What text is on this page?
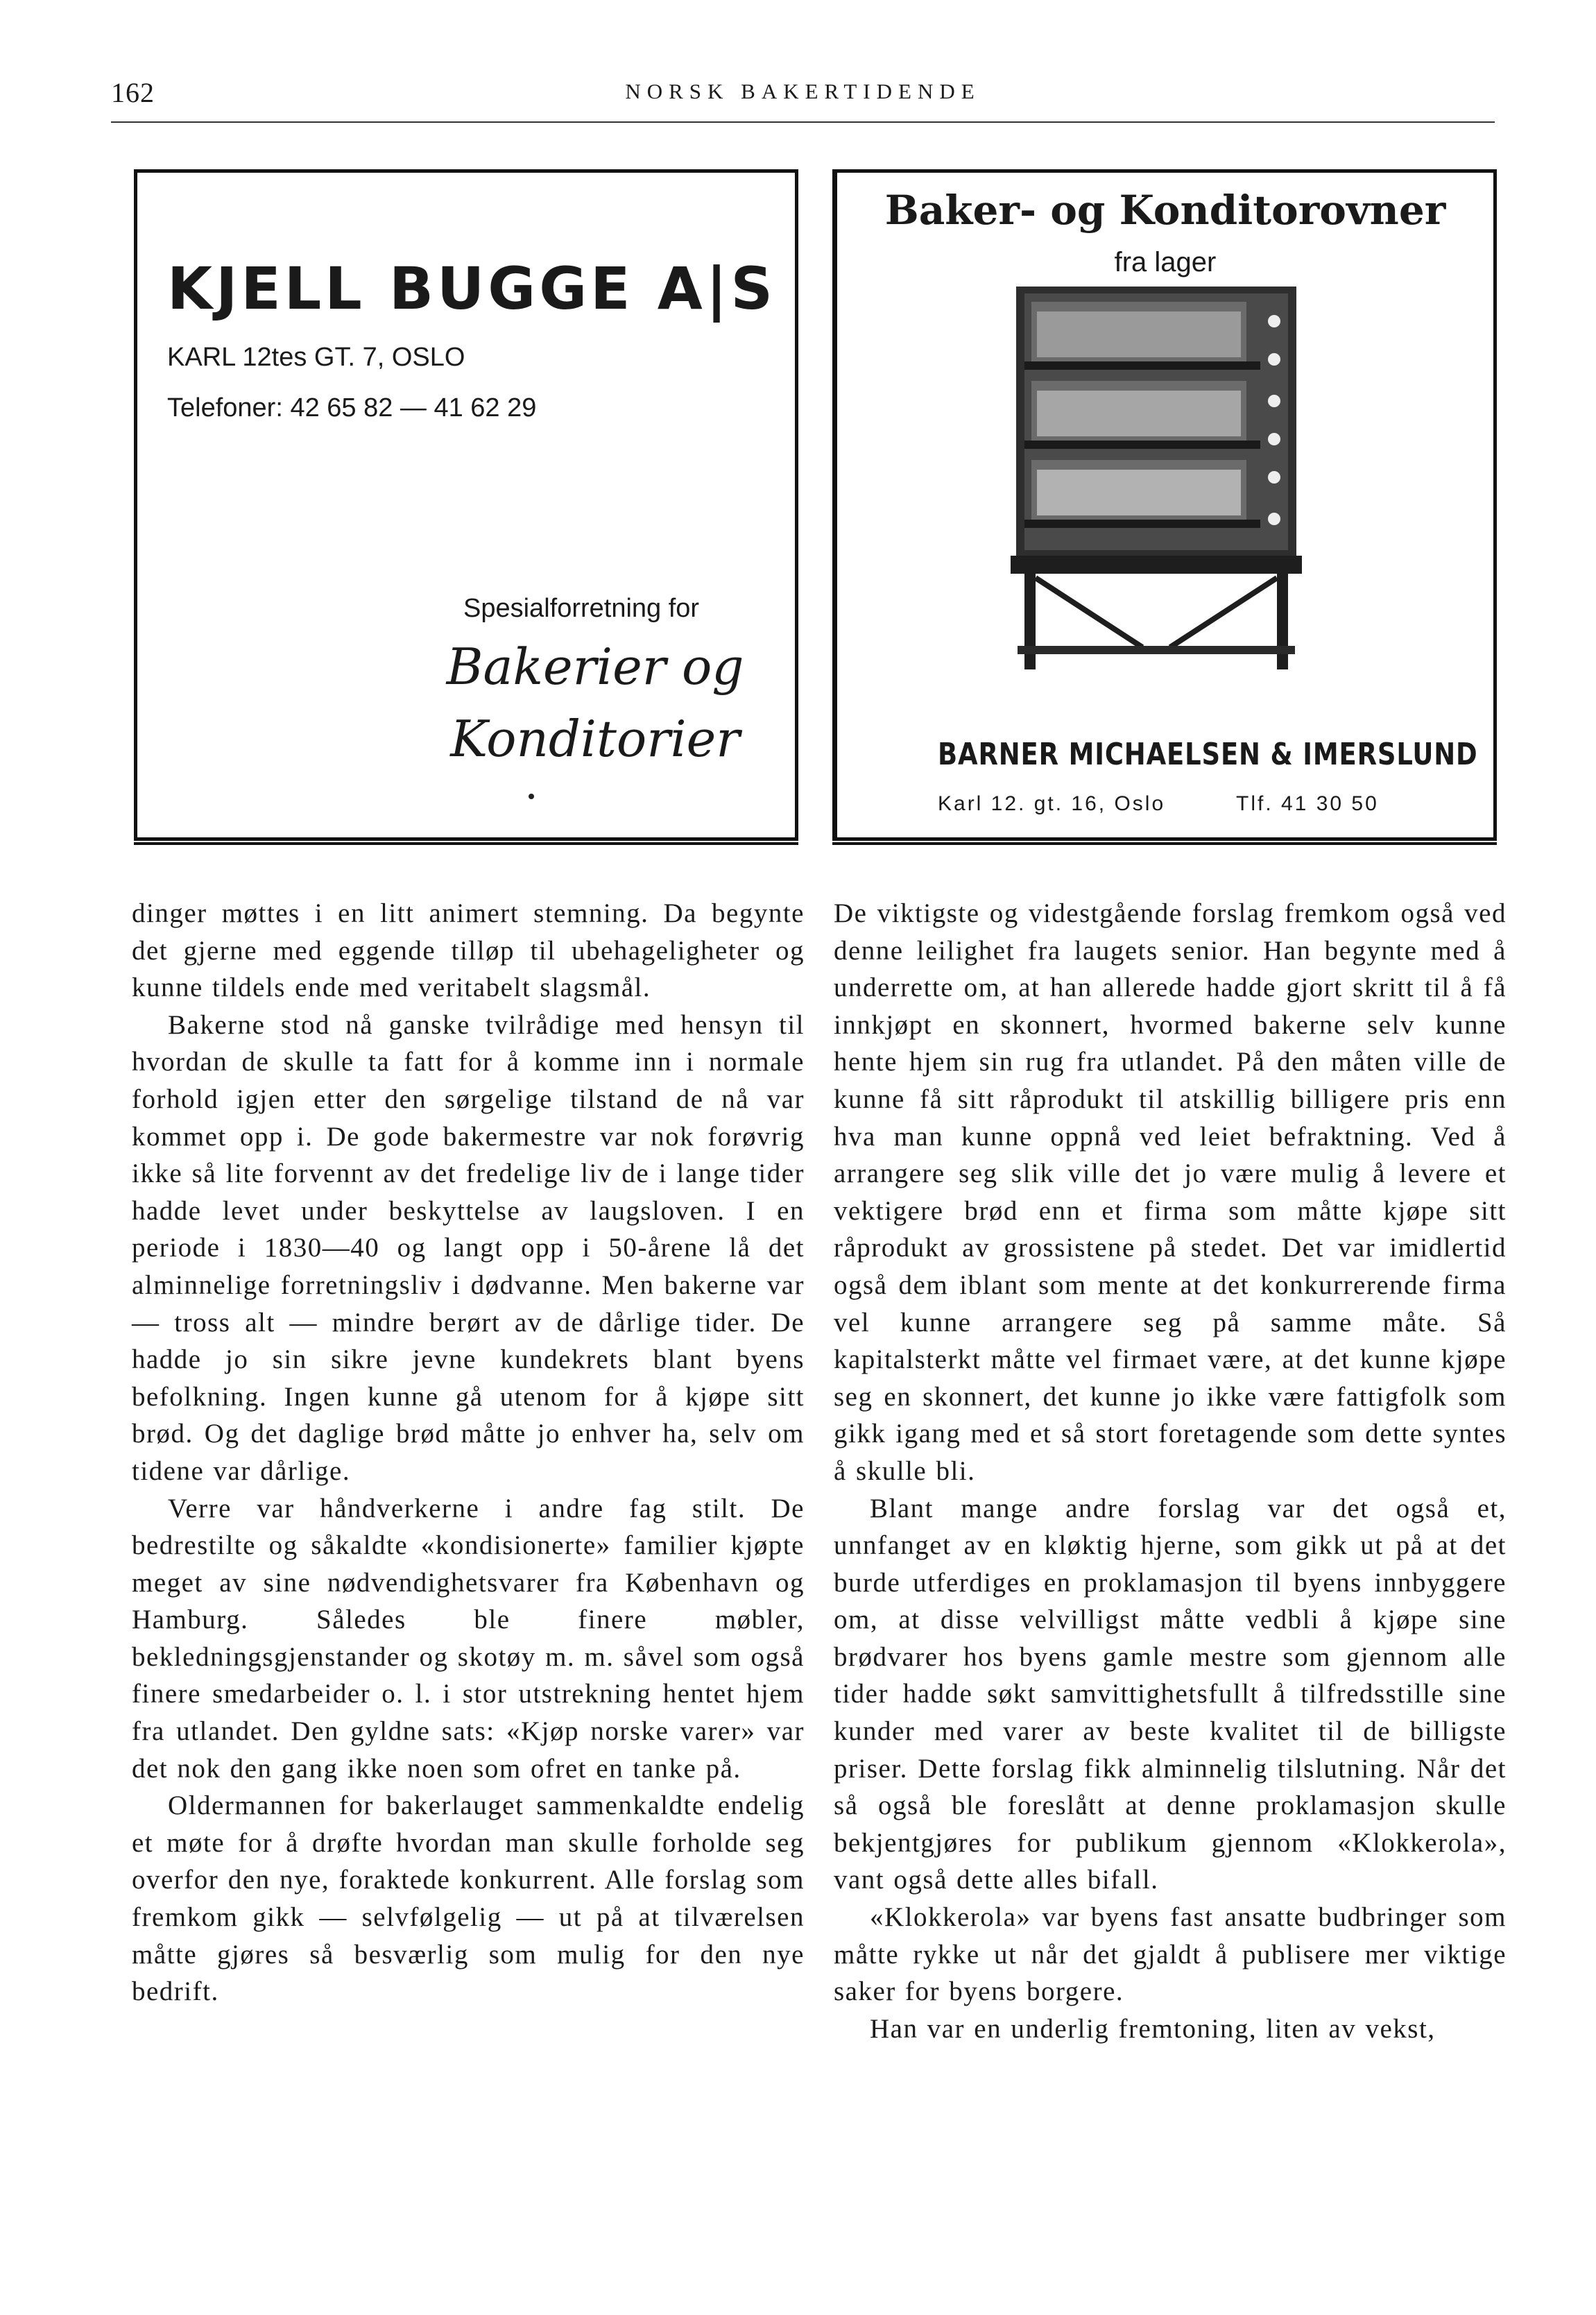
162	NORSK BAKERTIDENDE
KJELL BUGGE A|S
KARL 12tes GT. 7, OSLO
Telefoner: 42 65 82 — 41 62 29
Spesialforretning for
Bakerier og
Konditorier
Baker- og Konditorovner
fra lager
BARNER MICHAELSEN & IMERSLUND
Karl 12. gt. 16, Oslo	Tlf. 41 30 50

dinger møttes i en litt animert stemning. Da begynte det gjerne med eggende tilløp til ubehageligheter og kunne tildels ende med veritabelt slagsmål.

Bakerne stod nå ganske tvilrådige med hensyn til hvordan de skulle ta fatt for å komme inn i normale forhold igjen etter den sørgelige tilstand de nå var kommet opp i. De gode bakermestre var nok forøvrig ikke så lite forvennt av det fredelige liv de i lange tider hadde levet under beskyttelse av laugsloven. I en periode i 1830—40 og langt opp i 50-årene lå det alminnelige forretningsliv i dødvanne. Men bakerne var — tross alt — mindre berørt av de dårlige tider. De hadde jo sin sikre jevne kundekrets blant byens befolkning. Ingen kunne gå utenom for å kjøpe sitt brød. Og det daglige brød måtte jo enhver ha, selv om tidene var dårlige.

Verre var håndverkerne i andre fag stilt. De bedrestilte og såkaldte «kondisionerte» familier kjøpte meget av sine nødvendighetsvarer fra København og Hamburg. Således ble finere møbler, bekledningsgjenstander og skotøy m. m. såvel som også finere smedarbeider o. l. i stor utstrekning hentet hjem fra utlandet. Den gyldne sats: «Kjøp norske varer» var det nok den gang ikke noen som ofret en tanke på.

Oldermannen for bakerlauget sammenkaldte endelig et møte for å drøfte hvordan man skulle forholde seg overfor den nye, foraktede konkurrent. Alle forslag som fremkom gikk — selvfølgelig — ut på at tilværelsen måtte gjøres så besværlig som mulig for den nye bedrift.

De viktigste og videstgående forslag fremkom også ved denne leilighet fra laugets senior. Han begynte med å underrette om, at han allerede hadde gjort skritt til å få innkjøpt en skonnert, hvormed bakerne selv kunne hente hjem sin rug fra utlandet. På den måten ville de kunne få sitt råprodukt til atskillig billigere pris enn hva man kunne oppnå ved leiet befraktning. Ved å arrangere seg slik ville det jo være mulig å levere et vektigere brød enn et firma som måtte kjøpe sitt råprodukt av grossistene på stedet. Det var imidlertid også dem iblant som mente at det konkurrerende firma vel kunne arrangere seg på samme måte. Så kapitalsterkt måtte vel firmaet være, at det kunne kjøpe seg en skonnert, det kunne jo ikke være fattigfolk som gikk igang med et så stort foretagende som dette syntes å skulle bli.

Blant mange andre forslag var det også et, unnfanget av en kløktig hjerne, som gikk ut på at det burde utferdiges en proklamasjon til byens innbyggere om, at disse velvilligst måtte vedbli å kjøpe sine brødvarer hos byens gamle mestre som gjennom alle tider hadde søkt samvittighetsfullt å tilfredsstille sine kunder med varer av beste kvalitet til de billigste priser. Dette forslag fikk alminnelig tilslutning. Når det så også ble foreslått at denne proklamasjon skulle bekjentgjøres for publikum gjennom «Klokkerola», vant også dette alles bifall.

«Klokkerola» var byens fast ansatte budbringer som måtte rykke ut når det gjaldt å publisere mer viktige saker for byens borgere.

Han var en underlig fremtoning, liten av vekst,
